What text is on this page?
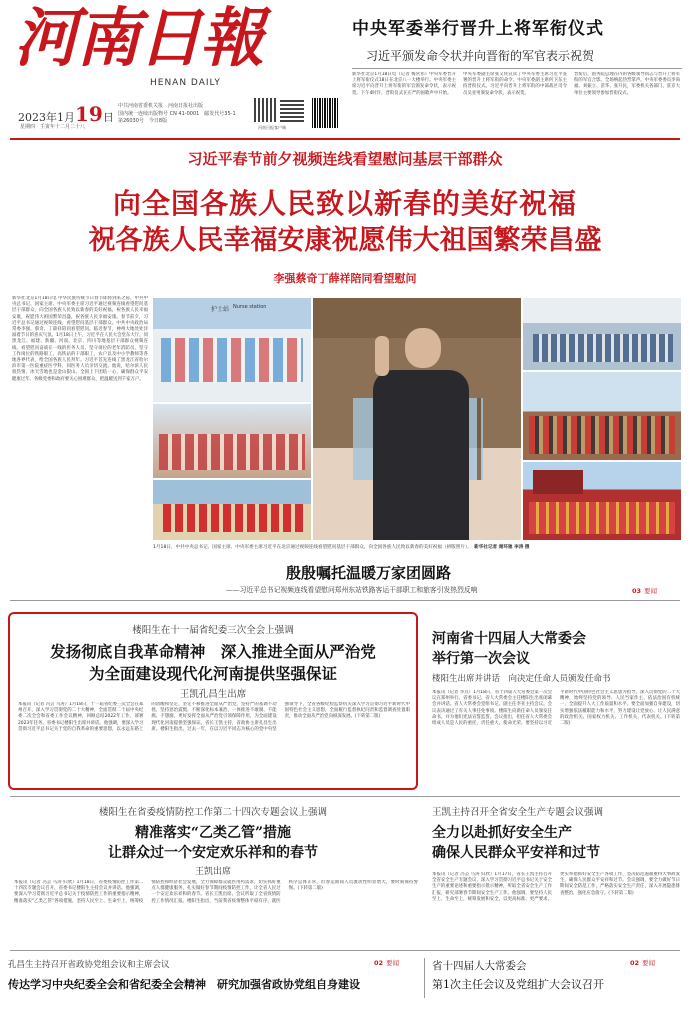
河南日報
HENAN DAILY
2023年1月19日
星期四　 壬寅年十二月二十八
中共河南省委机关报　河南日报社出版
国内统一连续出版物号 CN 41-0001　邮发代号35-1
第26030号　今日8版
河南日报客户端
中央军委举行晋升上将军衔仪式
习近平颁发命令状并向晋衔的军官表示祝贺
新华社北京1月18日电（记者 梅常伟）中央军委晋升上将军衔仪式18日在北京八一大楼举行。中央军委主席习近平向晋升上将军衔的军官颁发命令状，表示祝贺。下午4时许，晋衔仪式在庄严的国歌声中开始。
中央军委副主席张又侠宣读了中央军委主席习近平签署的晋升上将军衔的命令。中央军委副主席何卫东主持晋衔仪式。习近平向晋升上将军衔的中部战区司令员吴亚男颁发命令状，表示祝贺。
晋衔后，国务院总理在内的各级领导同志与晋升上将军衔的军官合影。全场响起热烈掌声。中央军委委员李尚福、刘振立、苗华、张升民，军委机关各部门、驻京大单位主要领导参加晋衔仪式。
习近平春节前夕视频连线看望慰问基层干部群众
向全国各族人民致以新春的美好祝福
祝各族人民幸福安康祝愿伟大祖国繁荣昌盛
李强蔡奇丁薛祥陪同看望慰问
新华社北京1月18日电 中华民族传统节日春节即将到来之际，中共中央总书记、国家主席、中央军委主席习近平通过视频连线看望慰问基层干部群众，向全国各族人民致以新春的美好祝福，祝各族人民幸福安康，祝愿伟大祖国繁荣昌盛，祝各族人民幸福安康。春节前夕，习近平总书记通过视频连线，看望慰问基层干部群众。中共中央政治局常委李强、蔡奇、丁薛祥陪同看望慰问。临近春节，神州大地处处洋溢着节日的喜庆气氛。1月18日上午，习近平在人民大会堂东大厅，同黑龙江、福建、新疆、河南、北京、四川等地基层干部群众视频连线，看望慰问奋战在一线的医务人员、坚守岗位的老年消防员、坚守工作岗位的铁路职工，高铁站的干部职工、农户以及中小学教师等各地各界代表，给全国各族人民拜年。习近平首先连线了黑龙江省哈尔滨市第一医院重症医学科，同医务人员亲切交流。他说，哈尔滨人民很热情，冰天雪地也是金山银山。全国上下团结一心，确保群众平安健康过年。各级党委和政府要关心困难群众，把温暖送到千家万户。
护士站 Nurse station
1月18日，中共中央总书记、国家主席、中央军委主席习近平在北京通过视频连线看望慰问基层干部群众，向全国各族人民致以新春的美好祝福（拼版照片）。　 新华社记者 谢环驰 李涛 摄
殷殷嘱托温暖万家团圆路
——习近平总书记视频连线看望慰问郑州东站铁路客运干部职工和旅客引发热烈反响	03 要闻
楼阳生在十一届省纪委三次全会上强调
发扬彻底自我革命精神　深入推进全面从严治党
为全面建设现代化河南提供坚强保证
王凯孔昌生出席
本报讯（记者 冯芸 马涛）1月18日，十一届省纪委三次全会在郑州召开，深入学习贯彻党的二十大精神，全面贯彻二十届中央纪委二次全会和省委工作会议精神，回顾总结2022年工作，部署2023年任务。省委书记楼阳生出席并讲话。他强调，要深入学习贯彻习近平总书记关于党的自我革命的重要思想，以永远在路上的清醒和坚定，坚定不移推进全面从严治党，坚持严的基调不动摇，坚持惩治震慑，不断深化标本兼治，一体推进不敢腐、不能腐、不想腐，更好发挥全面从严治党引领保障作用，为全面建设现代化河南提供坚强保证。省长王凯主持，省政协主席孔昌生出席。楼阳生指出，过去一年，在以习近平同志为核心的党中央坚强领导下，全省各级纪检监察机关深入学习贯彻习近平新时代中国特色社会主义思想，全面履行监督执纪问责和监督调查处置职责，推动全面从严治党向纵深发展。(下转第二版)
河南省十四届人大常委会
举行第一次会议
楼阳生出席并讲话　向决定任命人员颁发任命书
本报讯（记者 李点）1月18日，省十四届人大常委会第一次会议在郑州举行。省委书记、省人大常委会主任楼阳生出席闭幕会并讲话。省人大常委会党组书记、副主任李亚主持会议。会议表决通过了有关人事任免事项。楼阳生向新任命人员颁发任命书，并为他们宪法宣誓监誓。会议指出，担任省人大常委会组成人员是人民的重托，责任重大、使命光荣。要坚持以习近平新时代中国特色社会主义思想为指导，深入贯彻党的二十大精神，始终坚持党的领导、人民当家作主、依法治国有机统一，全面提升人大工作质量和水平。要全面加强自身建设，切实增强依法履职能力和水平，努力建设让党放心、让人民满意的政治机关、国家权力机关、工作机关、代表机关。(下转第二版)
楼阳生在省委疫情防控工作第二十四次专题会议上强调
精准落实“乙类乙管”措施
让群众过一个安定欢乐祥和的春节
王凯出席
本报讯（记者 冯芸 马涛 归欣）1月18日，省委疫情防控工作第二十四次专题会议召开，省委书记楼阳生主持会议并讲话。他强调，要深入学习贯彻习近平总书记关于疫情防控工作的重要指示精神，精准落实“乙类乙管”各项措施，坚持人民至上、生命至上，统筹疫情防控和经济社会发展，全力保障群众就医用药需求，切实抓好重点人群健康服务，扎实做好春节期间疫情防控工作，让全省人民过一个安定欢乐祥和的春节。省长王凯出席。会议听取了全省疫情防控工作情况汇报。楼阳生指出，当前我省疫情整体平稳有序，就医秩序总体正常，但春运期间人员流动性明显增大，要时刻保持警惕。(下转第二版)
王凯主持召开全省安全生产专题会议强调
全力以赴抓好安全生产
确保人民群众平安祥和过节
本报讯（记者 冯芸 马涛 归欣）1月17日，省长王凯主持召开全省安全生产专题会议，深入学习贯彻习近平总书记关于安全生产的重要论述和重要指示批示精神，听取全省安全生产工作汇报，研究部署春节期间安全生产工作。他强调，要坚持人民至上、生命至上，统筹发展和安全，以更高标准、更严要求、更实举措抓好安全生产各项工作，坚决防范遏制重特大事故发生，确保人民群众平安祥和过节。会议强调，要全力做好节日期间安全防范工作，严格落实安全生产责任，深入开展隐患排查整治，强化应急值守。(下转第二版)
孔昌生主持召开省政协党组会议和主席会议	02 要闻
传达学习中央纪委全会和省纪委全会精神　研究加强省政协党组自身建设
省十四届人大常委会	02 要闻
第1次主任会议及党组扩大会议召开
